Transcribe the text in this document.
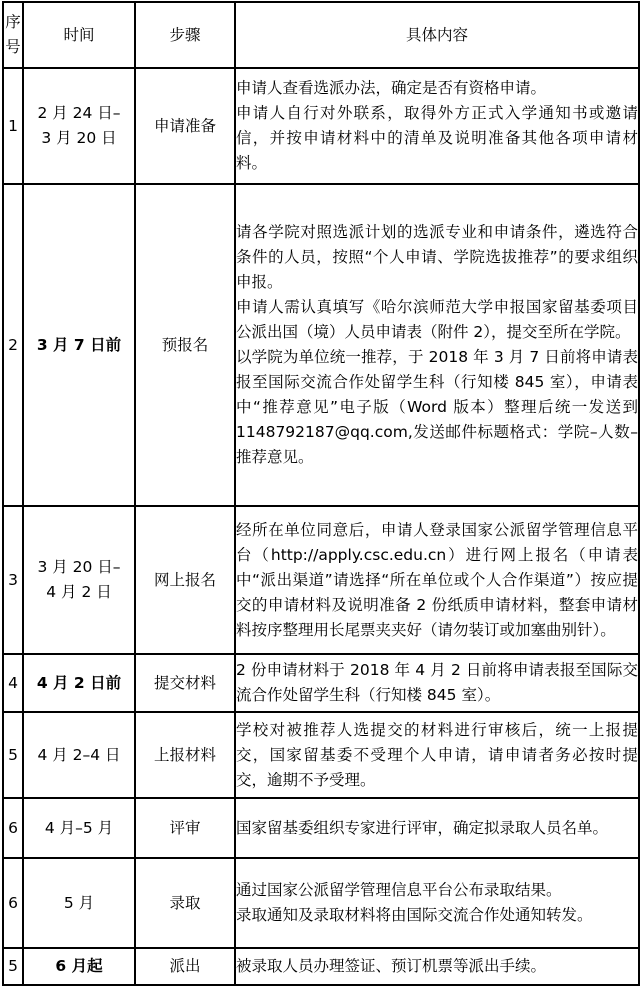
序
号	时间	步骤	具体内容
1	2 月 24 日–
3 月 20 日	申请准备	申请人查看选派办法，确定是否有资格申请。
申请人自行对外联系，取得外方正式入学通知书或邀请信，并按申请材料中的清单及说明准备其他各项申请材料。

2	3 月 7 日前	预报名	请各学院对照选派计划的选派专业和申请条件，遴选符合条件的人员，按照“个人申请、学院选拔推荐”的要求组织申报。
申请人需认真填写《哈尔滨师范大学申报国家留基委项目公派出国（境）人员申请表（附件 2），提交至所在学院。
以学院为单位统一推荐，于 2018 年 3 月 7 日前将申请表报至国际交流合作处留学生科（行知楼 845 室），申请表中“推荐意见”电子版（Word 版本）整理后统一发送到 1148792187@qq.com,发送邮件标题格式：学院–人数–推荐意见。

3	3 月 20 日–
4 月 2 日	网上报名	经所在单位同意后，申请人登录国家公派留学管理信息平台（http://apply.csc.edu.cn）进行网上报名（申请表中“派出渠道”请选择“所在单位或个人合作渠道”）按应提交的申请材料及说明准备 2 份纸质申请材料，整套申请材料按序整理用长尾票夹夹好（请勿装订或加塞曲别针）。

4	4 月 2 日前	提交材料	2 份申请材料于 2018 年 4 月 2 日前将申请表报至国际交流合作处留学生科（行知楼 845 室）。

5	4 月 2–4 日	上报材料	学校对被推荐人选提交的材料进行审核后，统一上报提交，国家留基委不受理个人申请，请申请者务必按时提交，逾期不予受理。

6	4 月–5 月	评审	国家留基委组织专家进行评审，确定拟录取人员名单。

6	5 月	录取	通过国家公派留学管理信息平台公布录取结果。
录取通知及录取材料将由国际交流合作处通知转发。

5	6 月起	派出	被录取人员办理签证、预订机票等派出手续。
